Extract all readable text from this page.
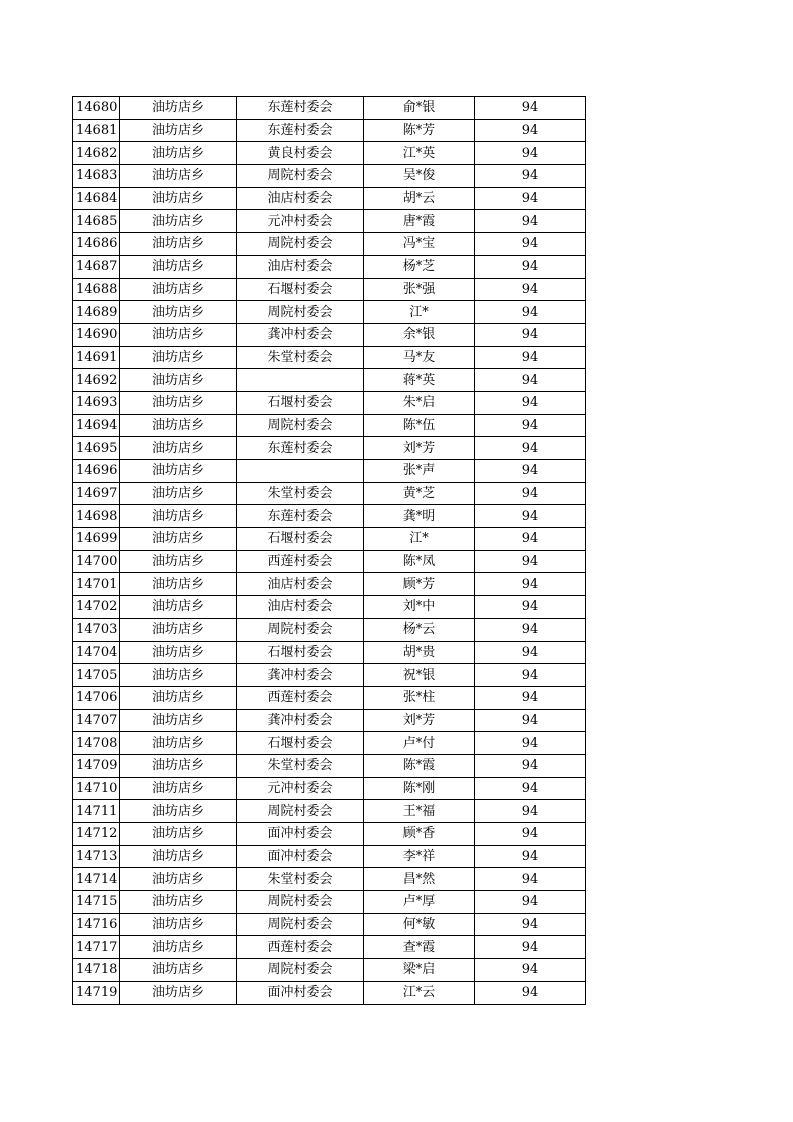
14680	油坊店乡	东莲村委会	俞*银	94
14681	油坊店乡	东莲村委会	陈*芳	94
14682	油坊店乡	黄良村委会	江*英	94
14683	油坊店乡	周院村委会	吴*俊	94
14684	油坊店乡	油店村委会	胡*云	94
14685	油坊店乡	元冲村委会	唐*霞	94
14686	油坊店乡	周院村委会	冯*宝	94
14687	油坊店乡	油店村委会	杨*芝	94
14688	油坊店乡	石堰村委会	张*强	94
14689	油坊店乡	周院村委会	江*	94
14690	油坊店乡	龚冲村委会	余*银	94
14691	油坊店乡	朱堂村委会	马*友	94
14692	油坊店乡		蒋*英	94
14693	油坊店乡	石堰村委会	朱*启	94
14694	油坊店乡	周院村委会	陈*伍	94
14695	油坊店乡	东莲村委会	刘*芳	94
14696	油坊店乡		张*声	94
14697	油坊店乡	朱堂村委会	黄*芝	94
14698	油坊店乡	东莲村委会	龚*明	94
14699	油坊店乡	石堰村委会	江*	94
14700	油坊店乡	西莲村委会	陈*凤	94
14701	油坊店乡	油店村委会	顾*芳	94
14702	油坊店乡	油店村委会	刘*中	94
14703	油坊店乡	周院村委会	杨*云	94
14704	油坊店乡	石堰村委会	胡*贵	94
14705	油坊店乡	龚冲村委会	祝*银	94
14706	油坊店乡	西莲村委会	张*柱	94
14707	油坊店乡	龚冲村委会	刘*芳	94
14708	油坊店乡	石堰村委会	卢*付	94
14709	油坊店乡	朱堂村委会	陈*霞	94
14710	油坊店乡	元冲村委会	陈*刚	94
14711	油坊店乡	周院村委会	王*福	94
14712	油坊店乡	面冲村委会	顾*香	94
14713	油坊店乡	面冲村委会	李*祥	94
14714	油坊店乡	朱堂村委会	昌*然	94
14715	油坊店乡	周院村委会	卢*厚	94
14716	油坊店乡	周院村委会	何*敏	94
14717	油坊店乡	西莲村委会	查*霞	94
14718	油坊店乡	周院村委会	梁*启	94
14719	油坊店乡	面冲村委会	江*云	94
